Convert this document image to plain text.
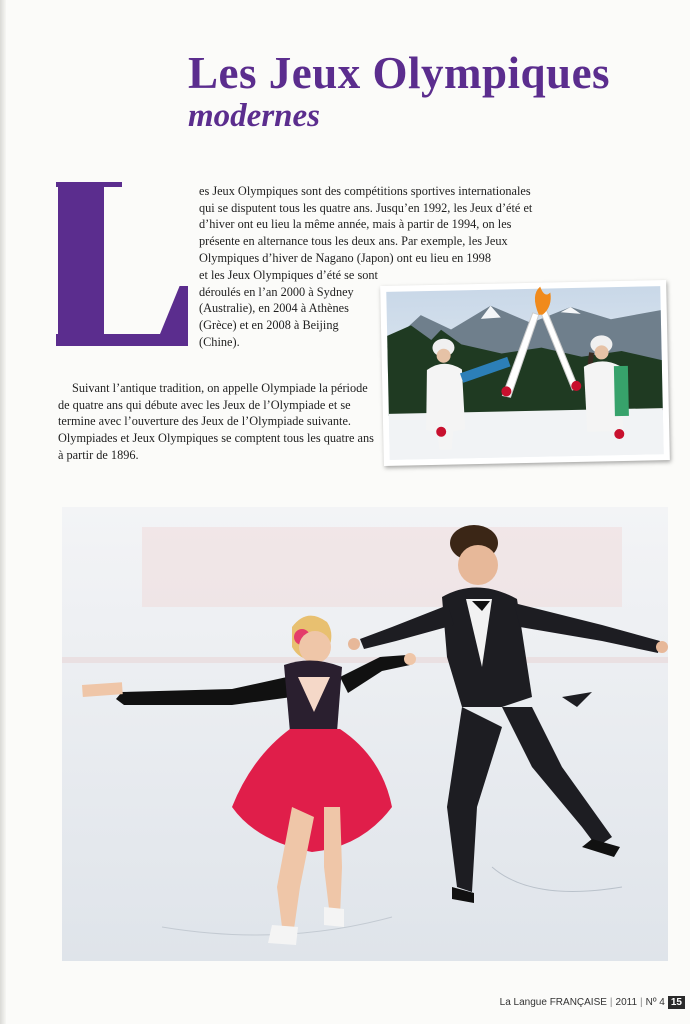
Les Jeux Olympiques
modernes

es Jeux Olympiques sont des compétitions sportives internationales qui se disputent tous les quatre ans. Jusqu’en 1992, les Jeux d’été et d’hiver ont eu lieu la même année, mais à partir de 1994, on les présente en alternance tous les deux ans. Par exemple, les Jeux Olympiques d’hiver de Nagano (Japon) ont eu lieu en 1998

et les Jeux Olympiques d’été se sont déroulés en l’an 2000 à Sydney (Australie), en 2004 à Athènes (Grèce) et en 2008 à Beijing (Chine).

Suivant l’antique tradition, on appelle Olympiade la période de quatre ans qui débute avec les Jeux de l’Olympiade et se termine avec l’ouverture des Jeux de l’Olympiade suivante. Olympiades et Jeux Olympiques se comptent tous les quatre ans à partir de 1896.

La Langue FRANÇAISE | 2011 | Nº 4 15
